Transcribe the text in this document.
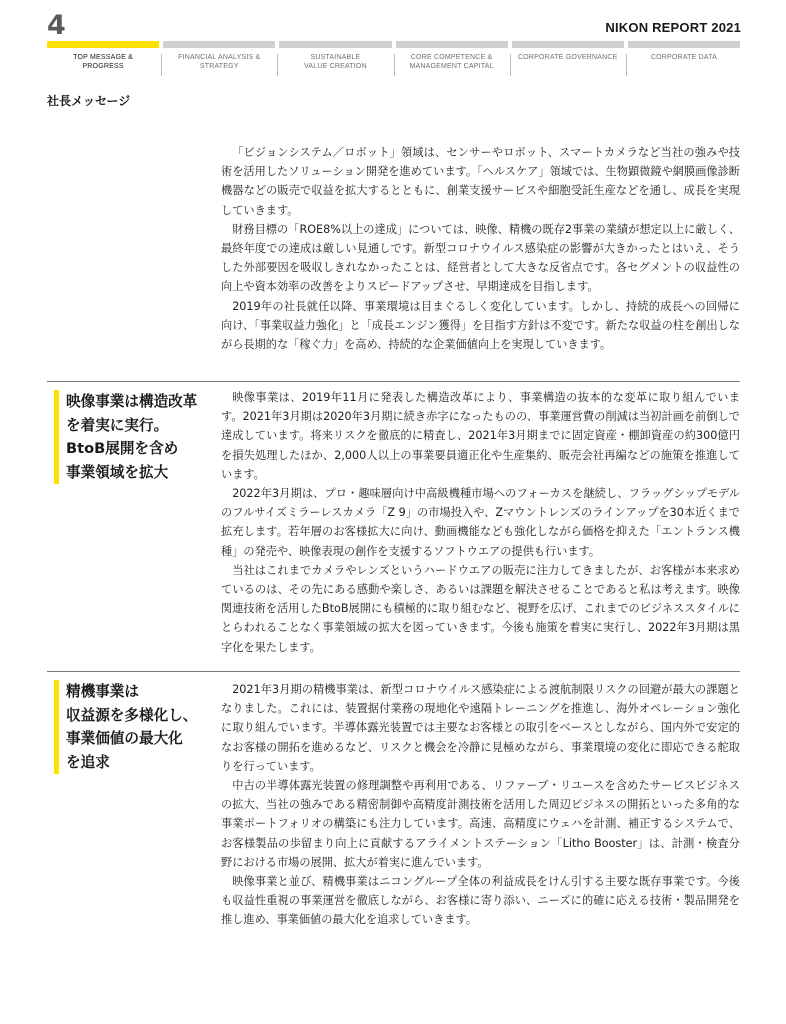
4	NIKON REPORT 2021
TOP MESSAGE &
PROGRESS
FINANCIAL ANALYSIS &
STRATEGY
SUSTAINABLE
VALUE CREATION
CORE COMPETENCE &
MANAGEMENT CAPITAL
CORPORATE GOVERNANCE	CORPORATE DATA
社長メッセージ

「ビジョンシステム／ロボット」領域は、センサーやロボット、スマートカメラなど当社の強みや技術を活用したソリューション開発を進めています。「ヘルスケア」領域では、生物顕微鏡や網膜画像診断機器などの販売で収益を拡大するとともに、創業支援サービスや細胞受託生産などを通し、成長を実現していきます。

財務目標の「ROE8%以上の達成」については、映像、精機の既存2事業の業績が想定以上に厳しく、最終年度での達成は厳しい見通しです。新型コロナウイルス感染症の影響が大きかったとはいえ、そうした外部要因を吸収しきれなかったことは、経営者として大きな反省点です。各セグメントの収益性の向上や資本効率の改善をよりスピードアップさせ、早期達成を目指します。

2019年の社長就任以降、事業環境は目まぐるしく変化しています。しかし、持続的成長への回帰に向け、「事業収益力強化」と「成長エンジン獲得」を目指す方針は不変です。新たな収益の柱を創出しながら長期的な「稼ぐ力」を高め、持続的な企業価値向上を実現していきます。

映像事業は構造改革
を着実に実行。
BtoB展開を含め
事業領域を拡大

映像事業は、2019年11月に発表した構造改革により、事業構造の抜本的な変革に取り組んでいます。2021年3月期は2020年3月期に続き赤字になったものの、事業運営費の削減は当初計画を前倒しで達成しています。将来リスクを徹底的に精査し、2021年3月期までに固定資産・棚卸資産の約300億円を損失処理したほか、2,000人以上の事業要員適正化や生産集約、販売会社再編などの施策を推進しています。

2022年3月期は、プロ・趣味層向け中高級機種市場へのフォーカスを継続し、フラッグシップモデルのフルサイズミラーレスカメラ「Z 9」の市場投入や、Zマウントレンズのラインアップを30本近くまで拡充します。若年層のお客様拡大に向け、動画機能なども強化しながら価格を抑えた「エントランス機種」の発売や、映像表現の創作を支援するソフトウエアの提供も行います。

当社はこれまでカメラやレンズというハードウエアの販売に注力してきましたが、お客様が本来求めているのは、その先にある感動や楽しさ、あるいは課題を解決させることであると私は考えます。映像関連技術を活用したBtoB展開にも積極的に取り組むなど、視野を広げ、これまでのビジネススタイルにとらわれることなく事業領域の拡大を図っていきます。今後も施策を着実に実行し、2022年3月期は黒字化を果たします。

精機事業は
収益源を多様化し、
事業価値の最大化
を追求

2021年3月期の精機事業は、新型コロナウイルス感染症による渡航制限リスクの回避が最大の課題となりました。これには、装置据付業務の現地化や遠隔トレーニングを推進し、海外オペレーション強化に取り組んでいます。半導体露光装置では主要なお客様との取引をベースとしながら、国内外で安定的なお客様の開拓を進めるなど、リスクと機会を冷静に見極めながら、事業環境の変化に即応できる舵取りを行っています。

中古の半導体露光装置の修理調整や再利用である、リファーブ・リユースを含めたサービスビジネスの拡大、当社の強みである精密制御や高精度計測技術を活用した周辺ビジネスの開拓といった多角的な事業ポートフォリオの構築にも注力しています。高速、高精度にウェハを計測、補正するシステムで、お客様製品の歩留まり向上に貢献するアライメントステーション「Litho Booster」は、計測・検査分野における市場の展開、拡大が着実に進んでいます。

映像事業と並び、精機事業はニコングループ全体の利益成長をけん引する主要な既存事業です。今後も収益性重視の事業運営を徹底しながら、お客様に寄り添い、ニーズに的確に応える技術・製品開発を推し進め、事業価値の最大化を追求していきます。
